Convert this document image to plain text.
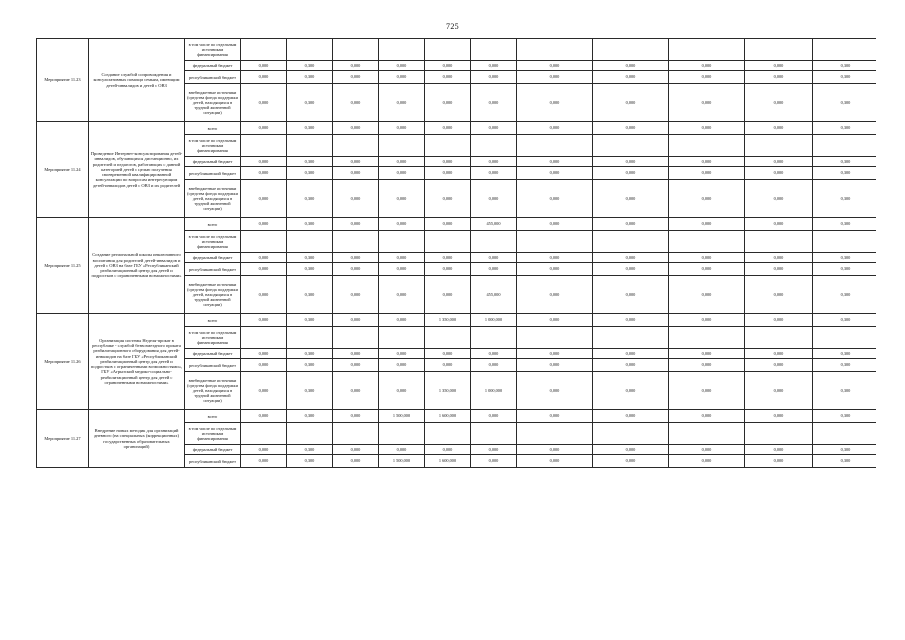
725
Мероприятие 11.23	Создание службой сопровождения и консультативных помощи семьям, имеющим детей-инвалидов и детей с ОВЗ	в том числе по отдельным источникам финансирования											
		федеральный бюджет	0,000	0,300	0,000	0,000	0,000	0,000	0,000	0,000	0,000	0,000	0,300
		республиканский бюджет	0,000	0,300	0,000	0,000	0,000	0,000	0,000	0,000	0,000	0,000	0,300
		внебюджетные источники (средства фонда поддержки детей, находящихся в трудной жизненной ситуации)	0,000	0,300	0,000	0,000	0,000	0,000	0,000	0,000	0,000	0,000	0,300
Мероприятие 11.24	Проведение Интернет-консультирования детей-инвалидов, обучающихся дистанционно, их родителей и педагогов, работающих с данной категорией детей с целью получения своевременной квалифицированной консультации по вопросам интересующим детей-инвалидов детей с ОВЗ и их родителей	всего	0,000	0,300	0,000	0,000	0,000	0,000	0,000	0,000	0,000	0,000	0,300
		в том числе по отдельным источникам финансирования											
		федеральный бюджет	0,000	0,300	0,000	0,000	0,000	0,000	0,000	0,000	0,000	0,000	0,300
		республиканский бюджет	0,000	0,300	0,000	0,000	0,000	0,000	0,000	0,000	0,000	0,000	0,300
		внебюджетные источники (средства фонда поддержки детей, находящихся в трудной жизненной ситуации)	0,000	0,300	0,000	0,000	0,000	0,000	0,000	0,000	0,000	0,000	0,300
Мероприятие 11.25	Создание региональной школы инклюзивного воспитания для родителей детей-инвалидов и детей с ОВЗ на базе ГБУ «Республиканский реабилитационный центр для детей и подростков с ограниченными возможностями»	всего	0,000	0,300	0,000	0,000	0,000	455,000	0,000	0,000	0,000	0,000	0,300
		в том числе по отдельным источникам финансирования											
		федеральный бюджет	0,000	0,300	0,000	0,000	0,000	0,000	0,000	0,000	0,000	0,000	0,300
		республиканский бюджет	0,000	0,300	0,000	0,000	0,000	0,000	0,000	0,000	0,000	0,000	0,300
		внебюджетные источники (средства фонда поддержки детей, находящихся в трудной жизненной ситуации)	0,000	0,300	0,000	0,000	0,000	455,000	0,000	0,000	0,000	0,000	0,300
Мероприятие 11.26	Организация системы Неделя-прокат в республике - службой безвозмездного проката реабилитационного оборудования для детей-инвалидов на базе ГБУ «Республиканский реабилитационный центр для детей и подростков с ограниченными возможностями», ГБУ «Агрызский медико-социально-реабилитационный центр для детей с ограниченными возможностями»	всего	0,000	0,300	0,000	0,000	1 350,000	1 000,000	0,000	0,000	0,000	0,000	0,300
		в том числе по отдельным источникам финансирования											
		федеральный бюджет	0,000	0,300	0,000	0,000	0,000	0,000	0,000	0,000	0,000	0,000	0,300
		республиканский бюджет	0,000	0,300	0,000	0,000	0,000	0,000	0,000	0,000	0,000	0,000	0,300
		внебюджетные источники (средства фонда поддержки детей, находящихся в трудной жизненной ситуации)	0,000	0,300	0,000	0,000	1 350,000	1 000,000	0,000	0,000	0,000	0,000	0,300
Мероприятие 11.27	Внедрение новых методик для организаций дневного (на специальных (коррекционных) государственных образовательных организаций)	всего	0,000	0,300	0,000	1 500,000	1 600,000	0,000	0,000	0,000	0,000	0,000	0,300
		в том числе по отдельным источникам финансирования											
		федеральный бюджет	0,000	0,300	0,000	0,000	0,000	0,000	0,000	0,000	0,000	0,000	0,300
		республиканский бюджет	0,000	0,300	0,000	1 500,000	1 600,000	0,000	0,000	0,000	0,000	0,000	0,300
